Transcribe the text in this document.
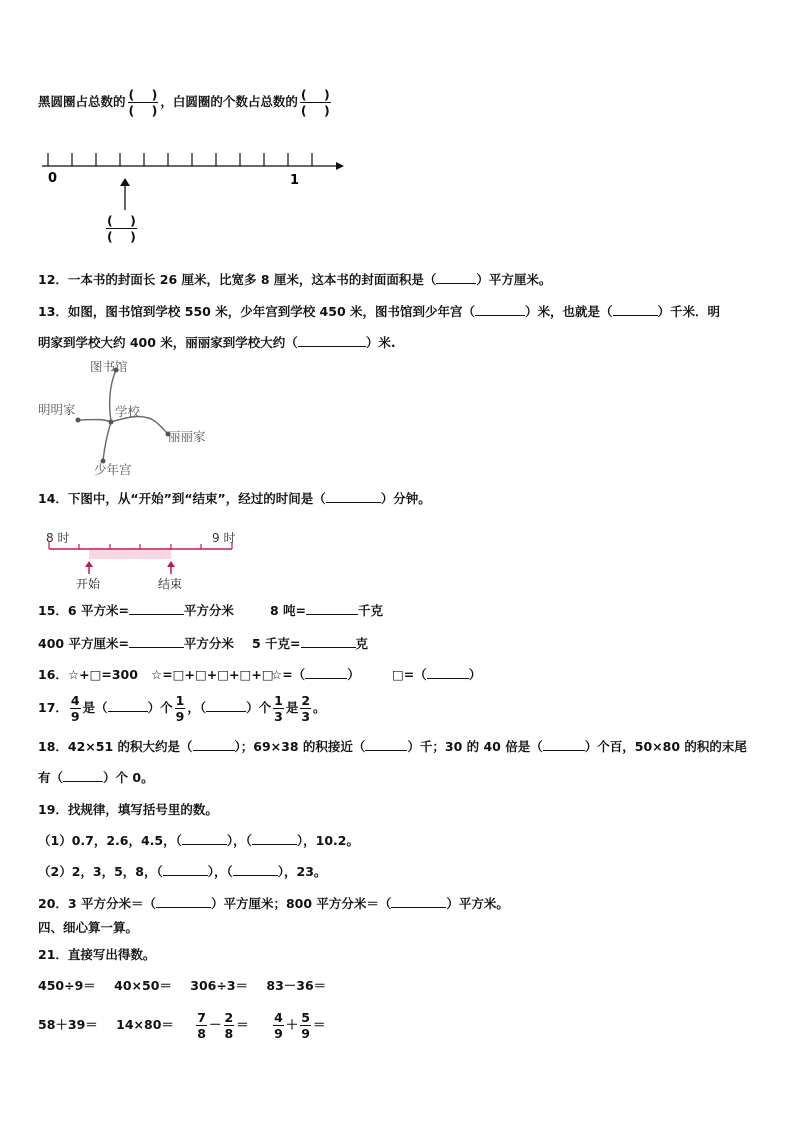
黑圆圈占总数的 $\frac{( )}{( )}$ ，白圆圈的个数占总数的 $\frac{( )}{( )}$
0	1
$\frac{( )}{( )}$
12．一本书的封面长 26 厘米，比宽多 8 厘米，这本书的封面面积是（	）平方厘米。
13．如图，图书馆到学校 550 米，少年宫到学校 450 米，图书馆到少年宫（	）米，也就是（	）千米．明
明家到学校大约 400 米，丽丽家到学校大约（	）米.
图书馆
明明家	学校
丽丽家
少年宫
14．下图中，从“开始”到“结束”，经过的时间是（	）分钟。
8 时	9 时
开始	结束
15．6 平方米=	平方分米	8 吨=	千克
400 平方厘米=	平方分米 5 千克=	克
16．☆+□=300 ☆=□+□+□+□+□
☆=（	）	□=（	）
17． $\frac{4}{9}$ 是（	）个 $\frac{1}{9}$ ，（	）个 $\frac{1}{3}$ 是 $\frac{2}{3}$ 。
18．42×51 的积大约是（	）；69×38 的积接近（	）千；30 的 40 倍是（	）个百，50×80 的积的末尾
有（	）个 0。
19．找规律，填写括号里的数。
（1）0.7，2.6，4.5，（	），（	），10.2。
（2）2，3，5，8，（	），（	），23。
20．3 平方分米＝（	）平方厘米；800 平方分米＝（	）平方米。
四、细心算一算。
21．直接写出得数。
450÷9＝ 40×50＝ 306÷3＝ 83－36＝
$58+39= 14\times 80= \frac{7}{8} - \frac{2}{8} = \frac{4}{9} + \frac{5}{9}$ ＝
